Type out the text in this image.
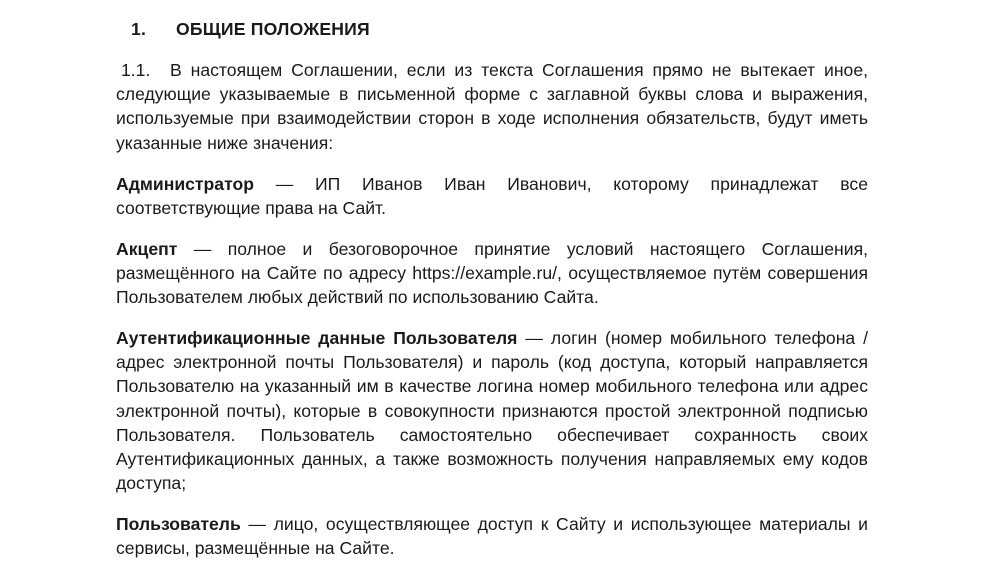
1. ОБЩИЕ ПОЛОЖЕНИЯ
1.1. В настоящем Соглашении, если из текста Соглашения прямо не вытекает иное, следующие указываемые в письменной форме с заглавной буквы слова и выражения, используемые при взаимодействии сторон в ходе исполнения обязательств, будут иметь указанные ниже значения:
Администратор — ИП Иванов Иван Иванович, которому принадлежат все соответствующие права на Сайт.
Акцепт — полное и безоговорочное принятие условий настоящего Соглашения, размещённого на Сайте по адресу https://example.ru/, осуществляемое путём совершения Пользователем любых действий по использованию Сайта.
Аутентификационные данные Пользователя — логин (номер мобильного телефона / адрес электронной почты Пользователя) и пароль (код доступа, который направляется Пользователю на указанный им в качестве логина номер мобильного телефона или адрес электронной почты), которые в совокупности признаются простой электронной подписью Пользователя. Пользователь самостоятельно обеспечивает сохранность своих Аутентификационных данных, а также возможность получения направляемых ему кодов доступа;
Пользователь — лицо, осуществляющее доступ к Сайту и использующее материалы и сервисы, размещённые на Сайте.
